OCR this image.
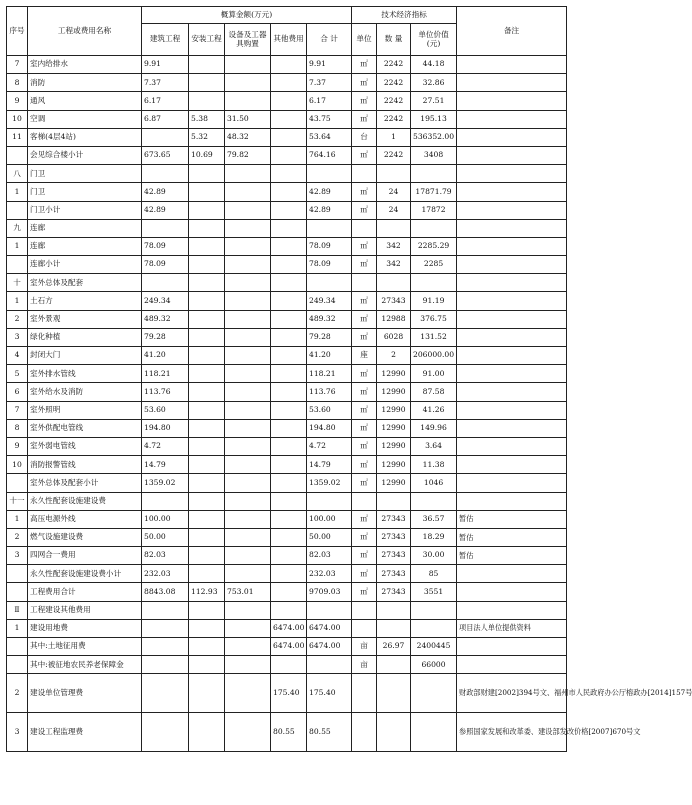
序号	工程或费用名称	概算金额(万元)					技术经济指标			备注
		建筑工程	安装工程	设备及工器具购置	其他费用	合 计	单位	数 量	单位价值(元)	
7	室内给排水	9.91				9.91	㎡	2242	44.18	
8	消防	7.37				7.37	㎡	2242	32.86	
9	通风	6.17				6.17	㎡	2242	27.51	
10	空调	6.87	5.38	31.50		43.75	㎡	2242	195.13	
11	客梯(4层4站)		5.32	48.32		53.64	台	1	536352.00	
	会见综合楼小计	673.65	10.69	79.82		764.16	㎡	2242	3408	
八	门卫									
1	门卫	42.89				42.89	㎡	24	17871.79	
	门卫小计	42.89				42.89	㎡	24	17872	
九	连廊									
1	连廊	78.09				78.09	㎡	342	2285.29	
	连廊小计	78.09				78.09	㎡	342	2285	
十	室外总体及配套									
1	土石方	249.34				249.34	㎡	27343	91.19	
2	室外景观	489.32				489.32	㎡	12988	376.75	
3	绿化种植	79.28				79.28	㎡	6028	131.52	
4	封闭大门	41.20				41.20	座	2	206000.00	
5	室外排水管线	118.21				118.21	㎡	12990	91.00	
6	室外给水及消防	113.76				113.76	㎡	12990	87.58	
7	室外照明	53.60				53.60	㎡	12990	41.26	
8	室外供配电管线	194.80				194.80	㎡	12990	149.96	
9	室外弱电管线	4.72				4.72	㎡	12990	3.64	
10	消防报警管线	14.79				14.79	㎡	12990	11.38	
	室外总体及配套小计	1359.02				1359.02	㎡	12990	1046	
十一	永久性配套设施建设费									
1	高压电源外线	100.00				100.00	㎡	27343	36.57	暂估
2	燃气设施建设费	50.00				50.00	㎡	27343	18.29	暂估
3	四网合一费用	82.03				82.03	㎡	27343	30.00	暂估
	永久性配套设施建设费小计	232.03				232.03	㎡	27343	85	
	工程费用合计	8843.08	112.93	753.01		9709.03	㎡	27343	3551	
Ⅱ	工程建设其他费用									
1	建设用地费				6474.00	6474.00				项目法人单位提供资料
	其中:土地征用费				6474.00	6474.00	亩	26.97	2400445	
	其中:被征地农民养老保障金						亩		66000	
2	建设单位管理费				175.40	175.40				财政部财建[2002]394号文、福州市人民政府办公厅榕政办[2014]157号
3	建设工程监理费				80.55	80.55				参照国家发展和改革委、建设部发改价格[2007]670号文
